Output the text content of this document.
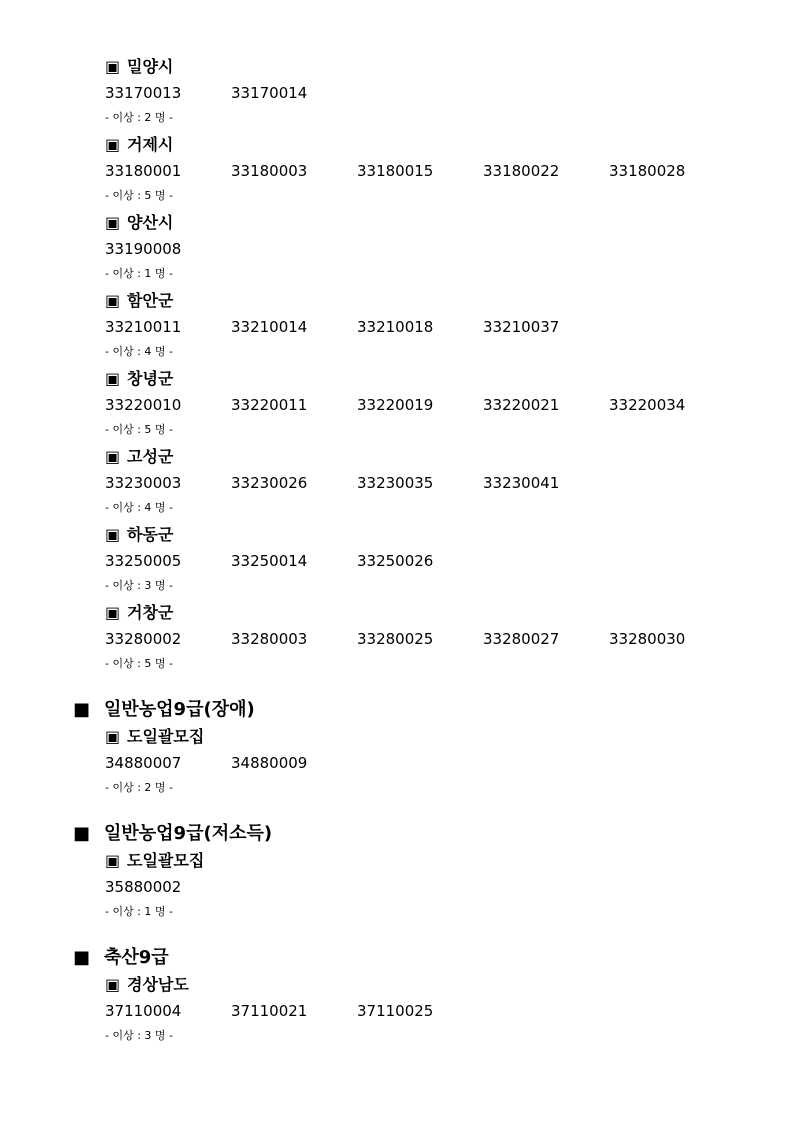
▣ 밀양시
33170013	33170014
- 이상 : 2 명 -
▣ 거제시
33180001	33180003	33180015	33180022	33180028
- 이상 : 5 명 -
▣ 양산시
33190008
- 이상 : 1 명 -
▣ 함안군
33210011	33210014	33210018	33210037
- 이상 : 4 명 -
▣ 창녕군
33220010	33220011	33220019	33220021	33220034
- 이상 : 5 명 -
▣ 고성군
33230003	33230026	33230035	33230041
- 이상 : 4 명 -
▣ 하동군
33250005	33250014	33250026
- 이상 : 3 명 -
▣ 거창군
33280002	33280003	33280025	33280027	33280030
- 이상 : 5 명 -
■ 일반농업9급(장애)
▣ 도일괄모집
34880007	34880009
- 이상 : 2 명 -
■ 일반농업9급(저소득)
▣ 도일괄모집
35880002
- 이상 : 1 명 -
■ 축산9급
▣ 경상남도
37110004	37110021	37110025
- 이상 : 3 명 -
